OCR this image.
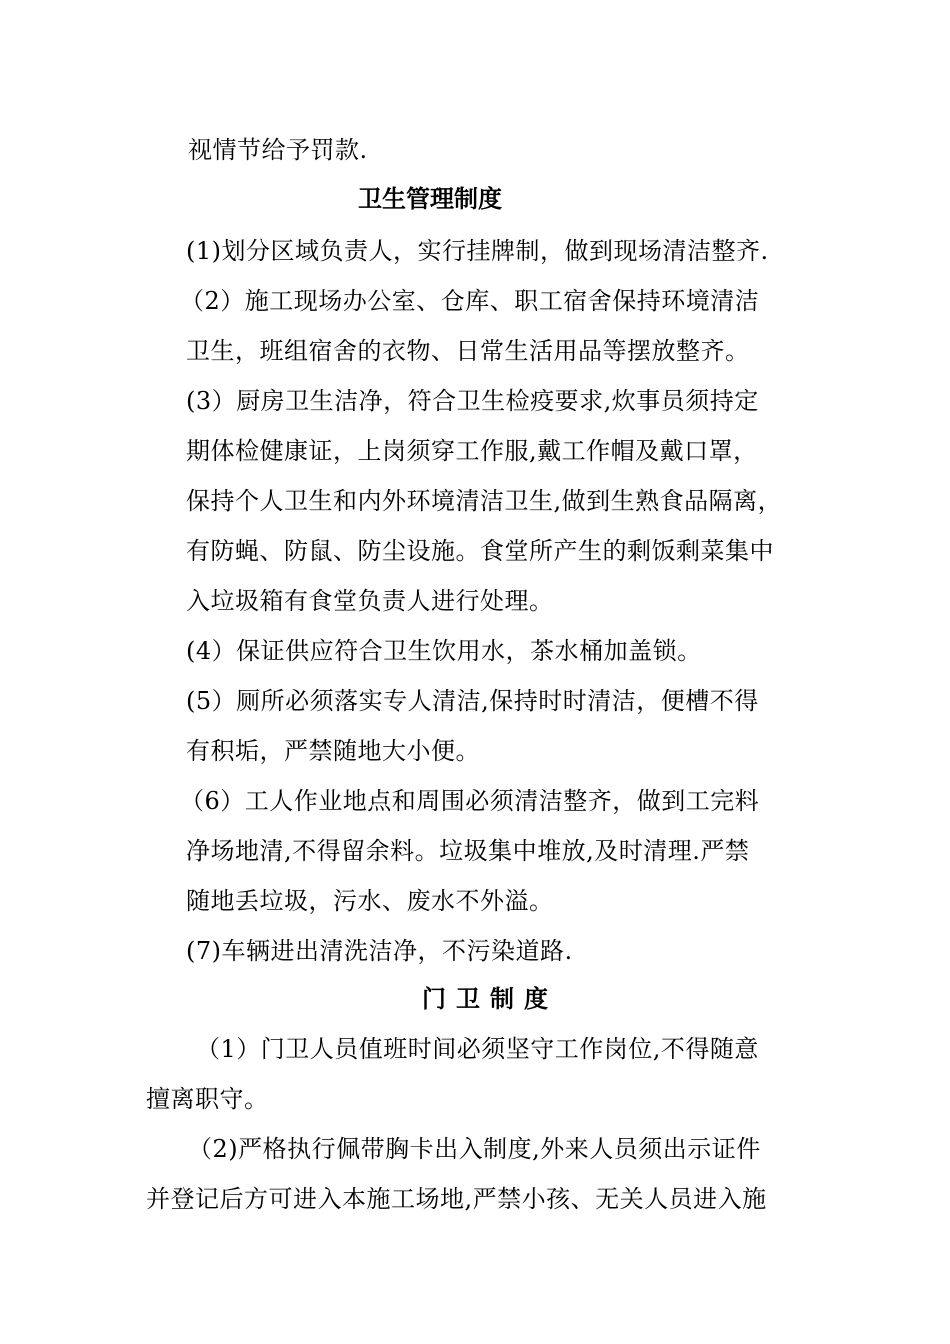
视情节给予罚款.
卫生管理制度
(1)划分区域负责人，实行挂牌制，做到现场清洁整齐.
（2）施工现场办公室、仓库、职工宿舍保持环境清洁
卫生，班组宿舍的衣物、日常生活用品等摆放整齐。
(3）厨房卫生洁净，符合卫生检疫要求,炊事员须持定
期体检健康证，上岗须穿工作服,戴工作帽及戴口罩，
保持个人卫生和内外环境清洁卫生,做到生熟食品隔离，
有防蝇、防鼠、防尘设施。食堂所产生的剩饭剩菜集中
入垃圾箱有食堂负责人进行处理。
(4）保证供应符合卫生饮用水，茶水桶加盖锁。
(5）厕所必须落实专人清洁,保持时时清洁，便槽不得
有积垢，严禁随地大小便。
（6）工人作业地点和周围必须清洁整齐，做到工完料
净场地清,不得留余料。垃圾集中堆放,及时清理.严禁
随地丢垃圾，污水、废水不外溢。
(7)车辆进出清洗洁净，不污染道路.
门卫制度
（1）门卫人员值班时间必须坚守工作岗位,不得随意
擅离职守。
（2)严格执行佩带胸卡出入制度,外来人员须出示证件
并登记后方可进入本施工场地,严禁小孩、无关人员进入施
